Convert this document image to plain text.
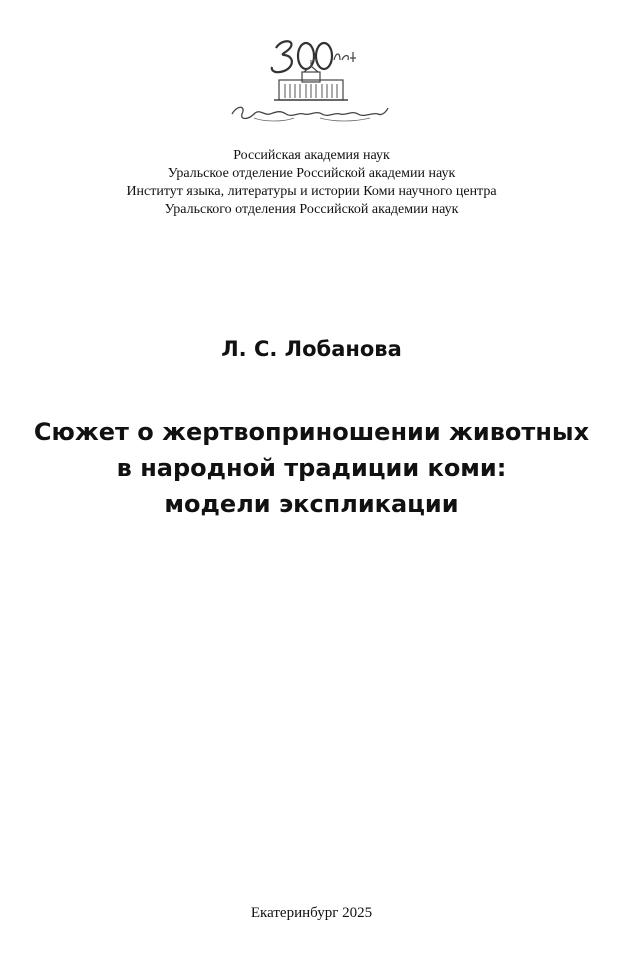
Российская академия наук
Уральское отделение Российской академии наук
Институт языка, литературы и истории Коми научного центра
Уральского отделения Российской академии наук
Л. С. Лобанова
Сюжет о жертвоприношении животных
в народной традиции коми:
модели экспликации
Екатеринбург 2025
